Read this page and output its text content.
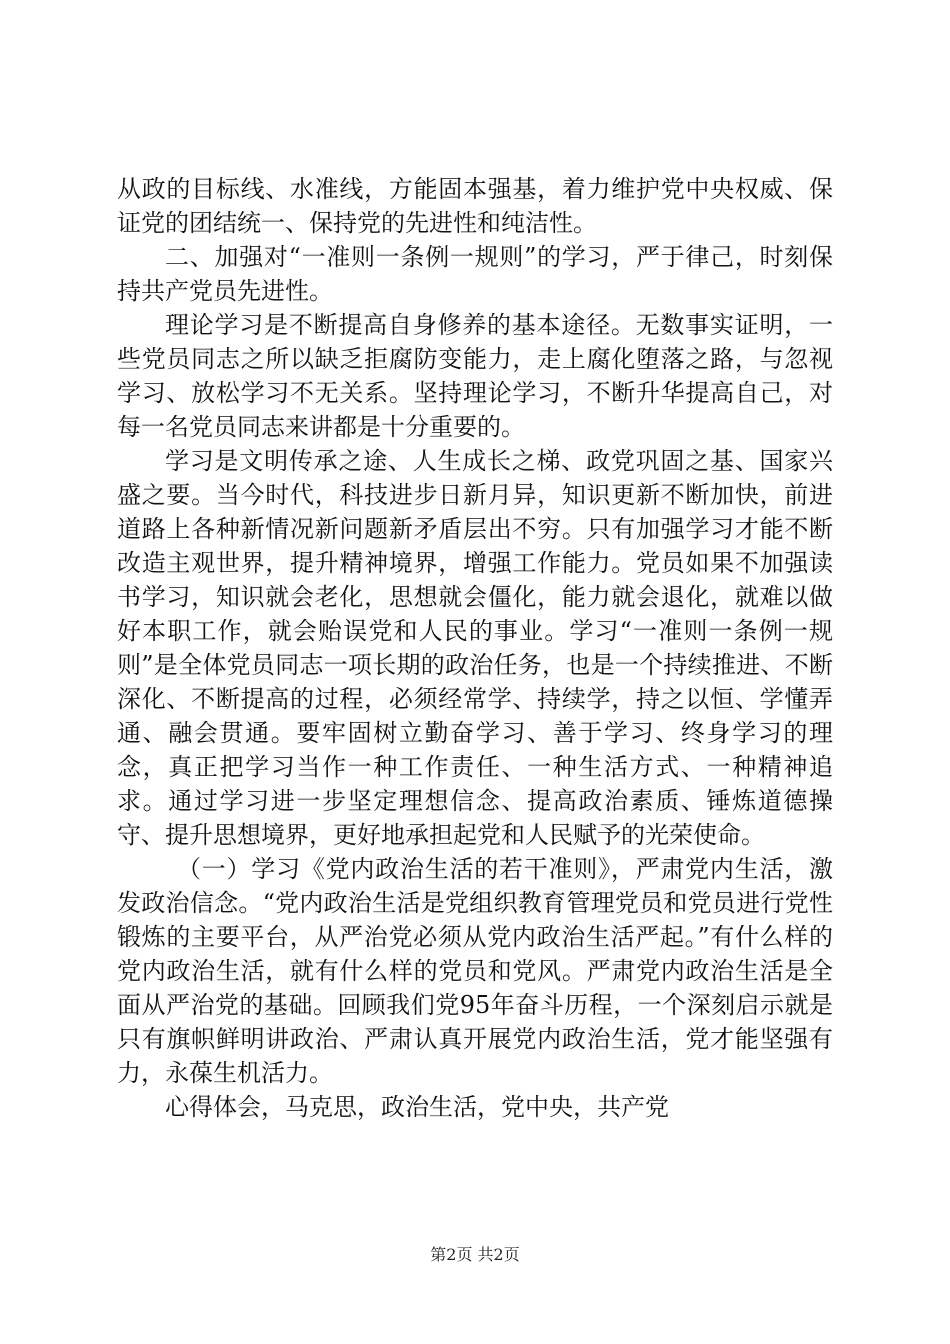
从政的目标线、水准线，方能固本强基，着力维护党中央权威、保证党的团结统一、保持党的先进性和纯洁性。

二、加强对“一准则一条例一规则”的学习，严于律己，时刻保持共产党员先进性。

理论学习是不断提高自身修养的基本途径。无数事实证明，一些党员同志之所以缺乏拒腐防变能力，走上腐化堕落之路，与忽视学习、放松学习不无关系。坚持理论学习，不断升华提高自己，对每一名党员同志来讲都是十分重要的。

学习是文明传承之途、人生成长之梯、政党巩固之基、国家兴盛之要。当今时代，科技进步日新月异，知识更新不断加快，前进道路上各种新情况新问题新矛盾层出不穷。只有加强学习才能不断改造主观世界，提升精神境界，增强工作能力。党员如果不加强读书学习，知识就会老化，思想就会僵化，能力就会退化，就难以做好本职工作，就会贻误党和人民的事业。学习“一准则一条例一规则”是全体党员同志一项长期的政治任务，也是一个持续推进、不断深化、不断提高的过程，必须经常学、持续学，持之以恒、学懂弄通、融会贯通。要牢固树立勤奋学习、善于学习、终身学习的理念，真正把学习当作一种工作责任、一种生活方式、一种精神追求。通过学习进一步坚定理想信念、提高政治素质、锤炼道德操守、提升思想境界，更好地承担起党和人民赋予的光荣使命。

（一）学习《党内政治生活的若干准则》，严肃党内生活，激发政治信念。“党内政治生活是党组织教育管理党员和党员进行党性锻炼的主要平台，从严治党必须从党内政治生活严起。”有什么样的党内政治生活，就有什么样的党员和党风。严肃党内政治生活是全面从严治党的基础。回顾我们党95年奋斗历程，一个深刻启示就是只有旗帜鲜明讲政治、严肃认真开展党内政治生活，党才能坚强有力，永葆生机活力。

心得体会，马克思，政治生活，党中央，共产党

第2页 共2页
